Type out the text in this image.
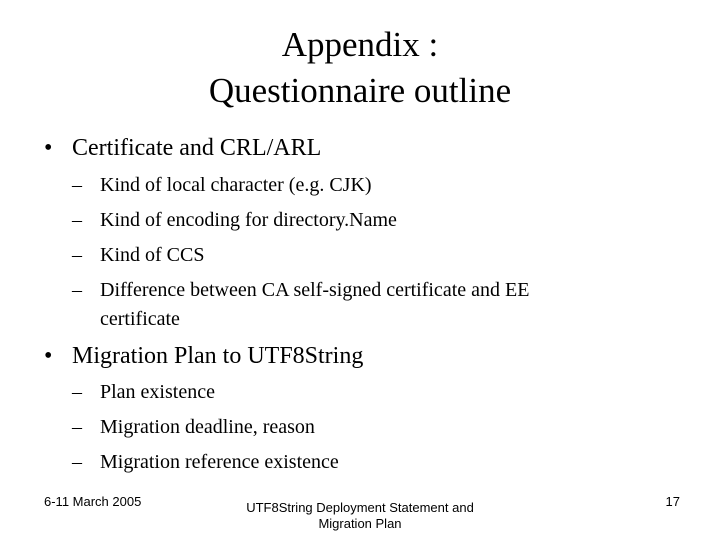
Appendix :
Questionnaire outline
• Certificate and CRL/ARL
– Kind of local character (e.g. CJK)
– Kind of encoding for directory.Name
– Kind of CCS
– Difference between CA self-signed certificate and EE
certificate
• Migration Plan to UTF8String
– Plan existence
– Migration deadline, reason
– Migration reference existence
6-11 March 2005	UTF8String Deployment Statement and
Migration Plan
17
